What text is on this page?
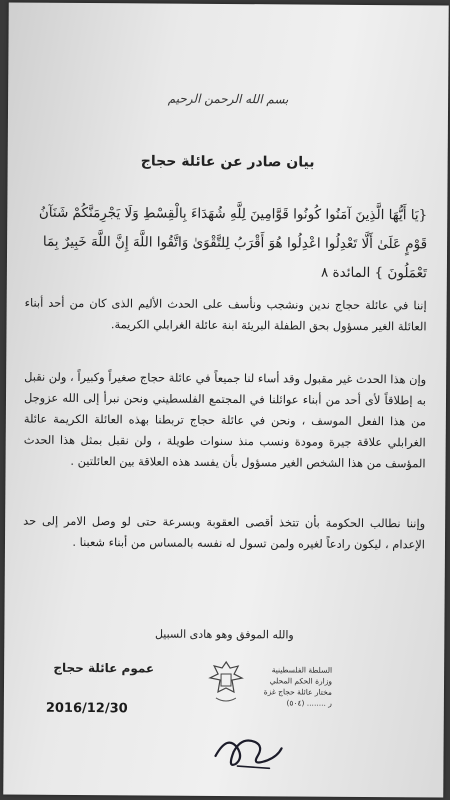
بسم الله الرحمن الرحيم
بيان صادر عن عائلة حجاج
{يَا أَيُّهَا الَّذِينَ آمَنُوا كُونُوا قَوَّامِينَ لِلَّهِ شُهَدَاءَ بِالْقِسْطِ وَلَا يَجْرِمَنَّكُمْ شَنَآنُ قَوْمٍ عَلَىٰ أَلَّا تَعْدِلُوا اعْدِلُوا هُوَ أَقْرَبُ لِلتَّقْوَىٰ وَاتَّقُوا اللَّهَ إِنَّ اللَّهَ خَبِيرٌ بِمَا تَعْمَلُونَ } المائدة ٨
إننا في عائلة حجاج ندين ونشجب ونأسف على الحدث الأليم الذى كان من أحد أبناء العائلة الغير مسؤول بحق الطفلة البريئة ابنة عائلة الغرابلي الكريمة.
وإن هذا الحدث غير مقبول وقد أساء لنا جميعاً في عائلة حجاج صغيراً وكبيراً ، ولن نقبل به إطلاقاً لأى أحد من أبناء عوائلنا في المجتمع الفلسطيني ونحن نبرأ إلى الله عزوجل من هذا الفعل الموسف ، ونحن في عائلة حجاج تربطنا بهذه العائلة الكريمة عائلة الغرابلي علاقة جيرة ومودة ونسب منذ سنوات طويلة ، ولن نقبل بمثل هذا الحدث المؤسف من هذا الشخص الغير مسؤول بأن يفسد هذه العلاقة بين العائلتين .
وإننا نطالب الحكومة بأن تتخذ أقصى العقوبة وبسرعة حتى لو وصل الامر إلى حد الإعدام ، ليكون رادعاً لغيره ولمن تسول له نفسه بالمساس من أبناء شعبنا .
والله الموفق وهو هادى السبيل
عموم عائلة حجاج
2016/12/30
السلطة الفلسطينية
وزارة الحكم المحلي
مختار عائلة حجاج غزة
ر ........ (٥٠٤)
